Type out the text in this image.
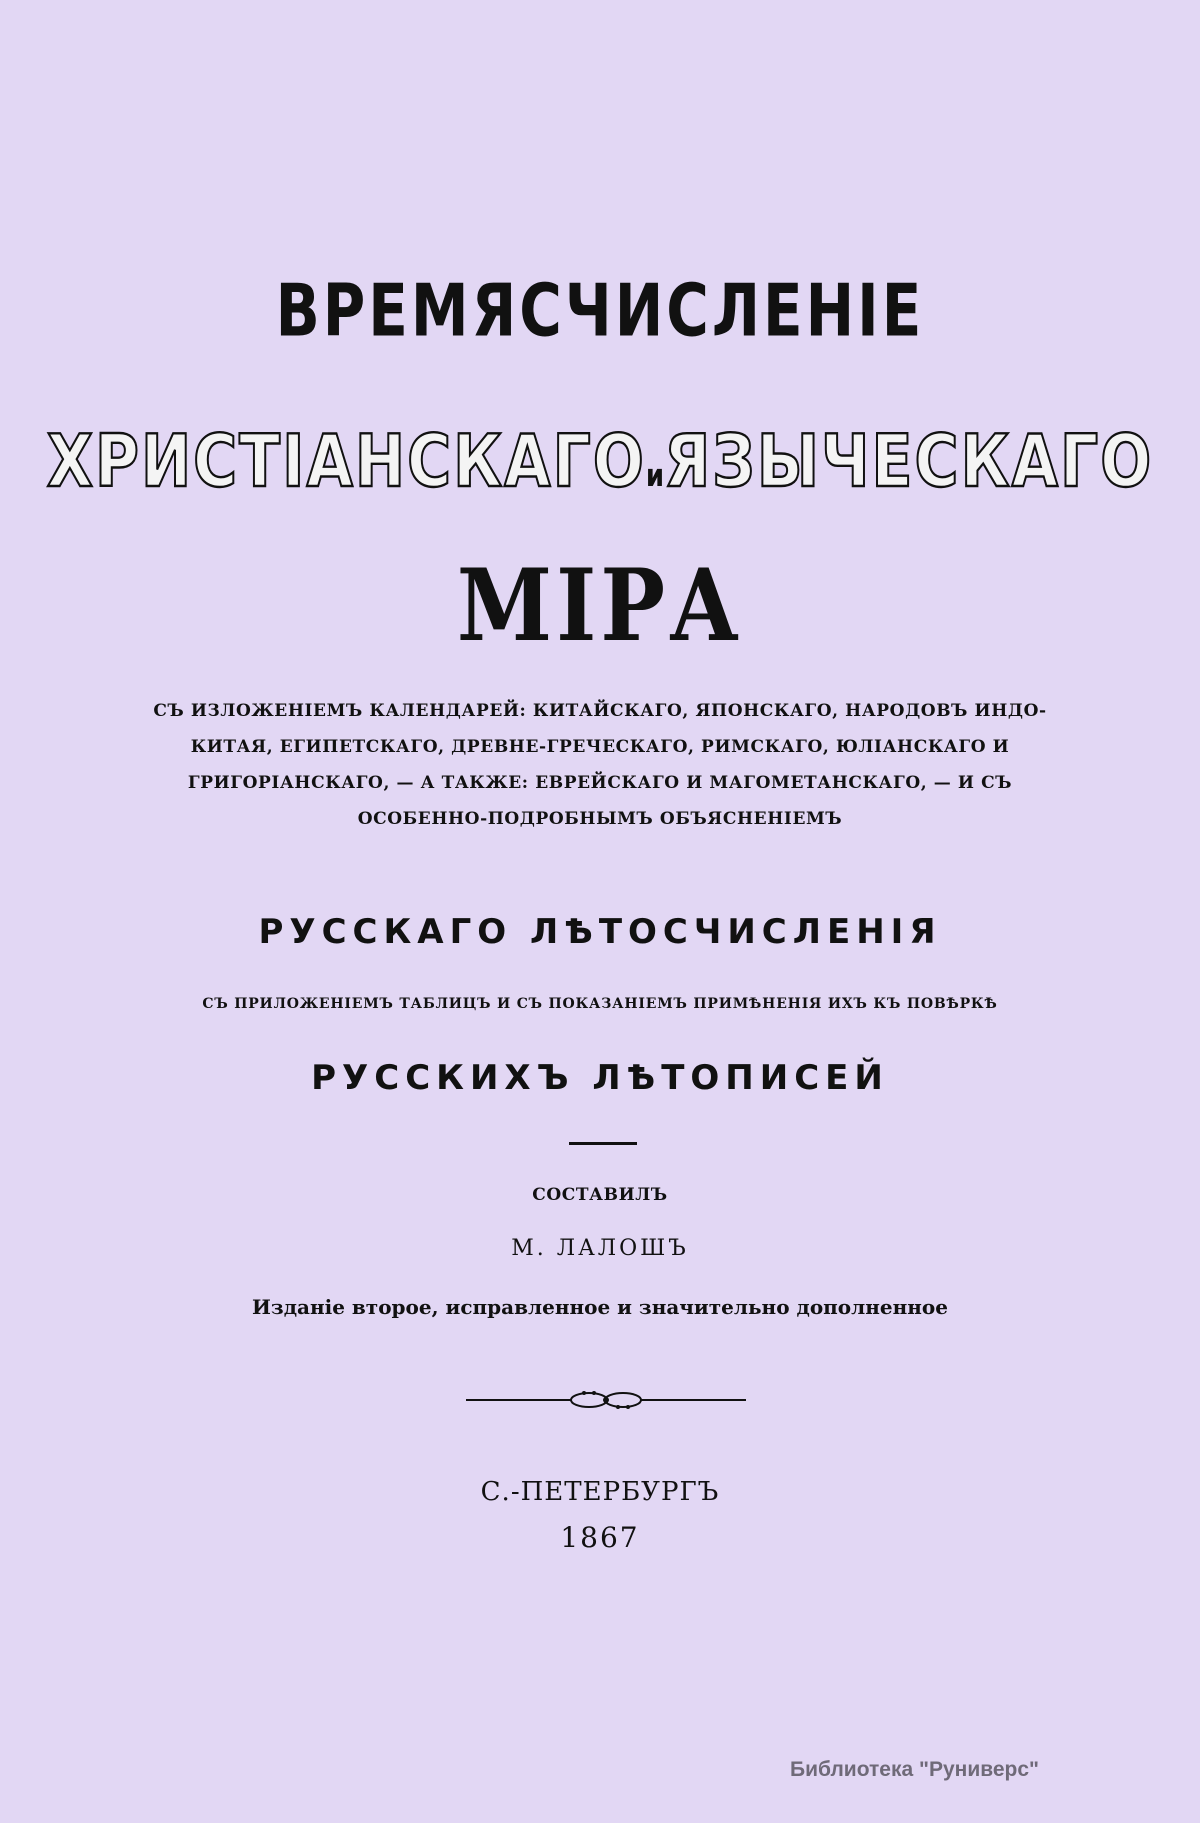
ВРЕМЯСЧИСЛЕНІЕ
ХРИСТІАНСКАГОиЯЗЫЧЕСКАГО
МІРА
СЪ ИЗЛОЖЕНІЕМЪ КАЛЕНДАРЕЙ: КИТАЙСКАГО, ЯПОНСКАГО, НАРОДОВЪ ИНДО-
КИТАЯ, ЕГИПЕТСКАГО, ДРЕВНЕ-ГРЕЧЕСКАГО, РИМСКАГО, ЮЛІАНСКАГО И
ГРИГОРІАНСКАГО, — А ТАКЖЕ: ЕВРЕЙСКАГО И МАГОМЕТАНСКАГО, — И СЪ
ОСОБЕННО-ПОДРОБНЫМЪ ОБЪЯСНЕНІЕМЪ
РУССКАГО ЛѢТОСЧИСЛЕНІЯ
СЪ ПРИЛОЖЕНІЕМЪ ТАБЛИЦЪ И СЪ ПОКАЗАНІЕМЪ ПРИМѢНЕНІЯ ИХЪ КЪ ПОВѢРКѢ
РУССКИХЪ ЛѢТОПИСЕЙ
СОСТАВИЛЪ
М. ЛАЛОШЪ
Изданіе второе, исправленное и значительно дополненное
С.-ПЕТЕРБУРГЪ
1867
Библиотека "Руниверс"
